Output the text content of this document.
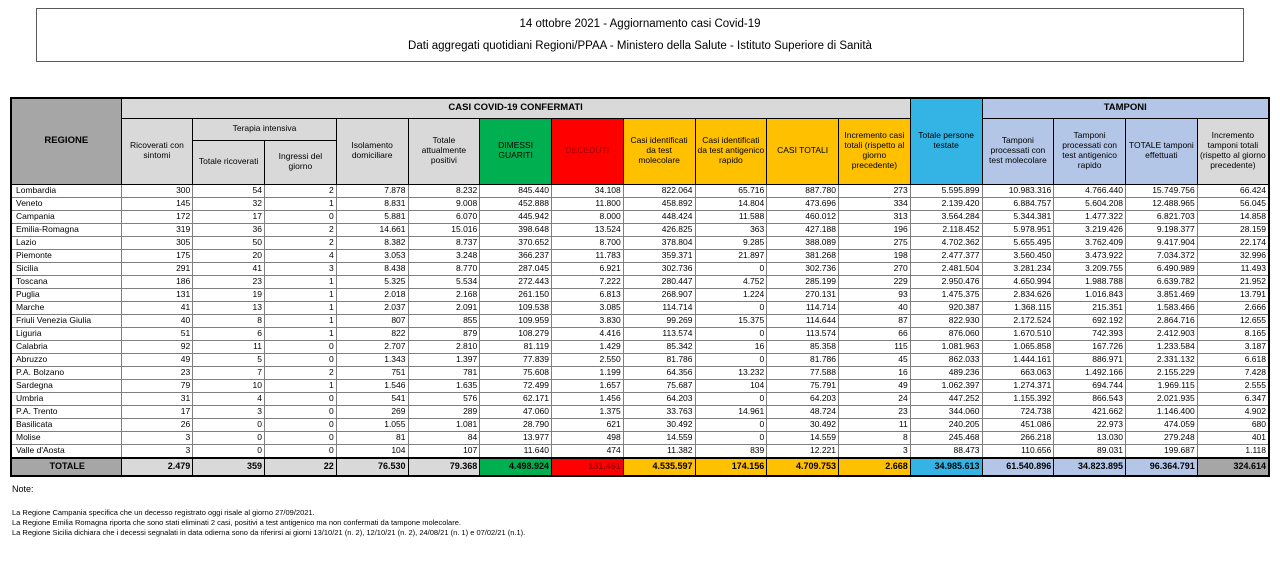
14 ottobre 2021 - Aggiornamento casi Covid-19
Dati aggregati quotidiani Regioni/PPAA - Ministero della Salute - Istituto Superiore di Sanità
REGIONE	CASI COVID-19 CONFERMATI											Totale persone testate	TAMPONI			
	Ricoverati con sintomi	Terapia intensiva		Isolamento domiciliare	Totale attualmente positivi	DIMESSI GUARITI	DECEDUTI	Casi identificati da test molecolare	Casi identificati da test antigenico rapido	CASI TOTALI	Incremento casi totali (rispetto al giorno precedente)		Tamponi processati con test molecolare	Tamponi processati con test antigenico rapido	TOTALE tamponi effettuati	Incremento tamponi totali (rispetto al giorno precedente)
		Totale ricoverati	Ingressi del giorno													
Lombardia	300	54	2	7.878	8.232	845.440	34.108	822.064	65.716	887.780	273	5.595.899	10.983.316	4.766.440	15.749.756	66.424
Veneto	145	32	1	8.831	9.008	452.888	11.800	458.892	14.804	473.696	334	2.139.420	6.884.757	5.604.208	12.488.965	56.045
Campania	172	17	0	5.881	6.070	445.942	8.000	448.424	11.588	460.012	313	3.564.284	5.344.381	1.477.322	6.821.703	14.858
Emilia-Romagna	319	36	2	14.661	15.016	398.648	13.524	426.825	363	427.188	196	2.118.452	5.978.951	3.219.426	9.198.377	28.159
Lazio	305	50	2	8.382	8.737	370.652	8.700	378.804	9.285	388.089	275	4.702.362	5.655.495	3.762.409	9.417.904	22.174
Piemonte	175	20	4	3.053	3.248	366.237	11.783	359.371	21.897	381.268	198	2.477.377	3.560.450	3.473.922	7.034.372	32.996
Sicilia	291	41	3	8.438	8.770	287.045	6.921	302.736	0	302.736	270	2.481.504	3.281.234	3.209.755	6.490.989	11.493
Toscana	186	23	1	5.325	5.534	272.443	7.222	280.447	4.752	285.199	229	2.950.476	4.650.994	1.988.788	6.639.782	21.952
Puglia	131	19	1	2.018	2.168	261.150	6.813	268.907	1.224	270.131	93	1.475.375	2.834.626	1.016.843	3.851.469	13.791
Marche	41	13	1	2.037	2.091	109.538	3.085	114.714	0	114.714	40	920.387	1.368.115	215.351	1.583.466	2.666
Friuli Venezia Giulia	40	8	1	807	855	109.959	3.830	99.269	15.375	114.644	87	822.930	2.172.524	692.192	2.864.716	12.655
Liguria	51	6	1	822	879	108.279	4.416	113.574	0	113.574	66	876.060	1.670.510	742.393	2.412.903	8.165
Calabria	92	11	0	2.707	2.810	81.119	1.429	85.342	16	85.358	115	1.081.963	1.065.858	167.726	1.233.584	3.187
Abruzzo	49	5	0	1.343	1.397	77.839	2.550	81.786	0	81.786	45	862.033	1.444.161	886.971	2.331.132	6.618
P.A. Bolzano	23	7	2	751	781	75.608	1.199	64.356	13.232	77.588	16	489.236	663.063	1.492.166	2.155.229	7.428
Sardegna	79	10	1	1.546	1.635	72.499	1.657	75.687	104	75.791	49	1.062.397	1.274.371	694.744	1.969.115	2.555
Umbria	31	4	0	541	576	62.171	1.456	64.203	0	64.203	24	447.252	1.155.392	866.543	2.021.935	6.347
P.A. Trento	17	3	0	269	289	47.060	1.375	33.763	14.961	48.724	23	344.060	724.738	421.662	1.146.400	4.902
Basilicata	26	0	0	1.055	1.081	28.790	621	30.492	0	30.492	11	240.205	451.086	22.973	474.059	680
Molise	3	0	0	81	84	13.977	498	14.559	0	14.559	8	245.468	266.218	13.030	279.248	401
Valle d'Aosta	3	0	0	104	107	11.640	474	11.382	839	12.221	3	88.473	110.656	89.031	199.687	1.118
TOTALE	2.479	359	22	76.530	79.368	4.498.924	131.461	4.535.597	174.156	4.709.753	2.668	34.985.613	61.540.896	34.823.895	96.364.791	324.614

Note:

La Regione Campania specifica che un decesso registrato oggi risale al giorno 27/09/2021.

La Regione Emilia Romagna riporta che sono stati eliminati 2 casi, positivi a test antigenico ma non confermati da tampone molecolare.

La Regione Sicilia dichiara che i decessi segnalati in data odierna sono da riferirsi ai giorni 13/10/21 (n. 2), 12/10/21 (n. 2), 24/08/21 (n. 1) e 07/02/21 (n.1).
